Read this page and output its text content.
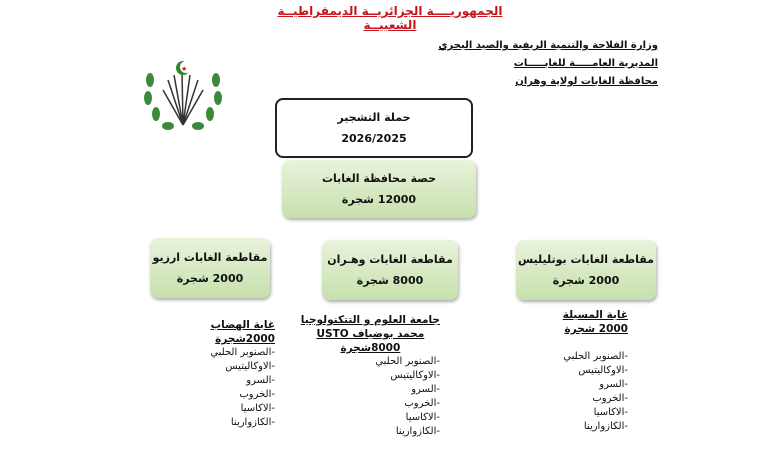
الجمهوريــــة الجزائريــة الديمقراطيــة الشعبيــة
وزارة الفلاحة والتنمية الريفية والصيد البحري
المديرية العامـــــة للغابـــــات
محافظة الغابات لولاية وهران
★
حملة التشجير
2026/2025
حصة محافظة الغابات
12000 شجرة
مقاطعة الغابات ارزيو
2000 شجرة
مقاطعة الغابات وهـران
8000 شجرة
مقاطعة الغابات بوتليليس
2000 شجرة
غابة الهضاب
2000شجرة
-الصنوبر الحلبي
-الاوكاليتيس
-السرو
-الخروب
-الاكاسيا
-الكازوارينا
جامعة العلوم و التتكنولوجيا
محمد بوضياف USTO
8000شجرة
-الصنوبر الحلبي
-الاوكاليتيس
-السرو
-الخروب
-الاكاسيا
-الكازوارينا
غابة المسيلة
2000 شجرة
-الصنوبر الحلبي
-الاوكاليتيس
-السرو
-الخروب
-الاكاسيا
-الكازوارينا
